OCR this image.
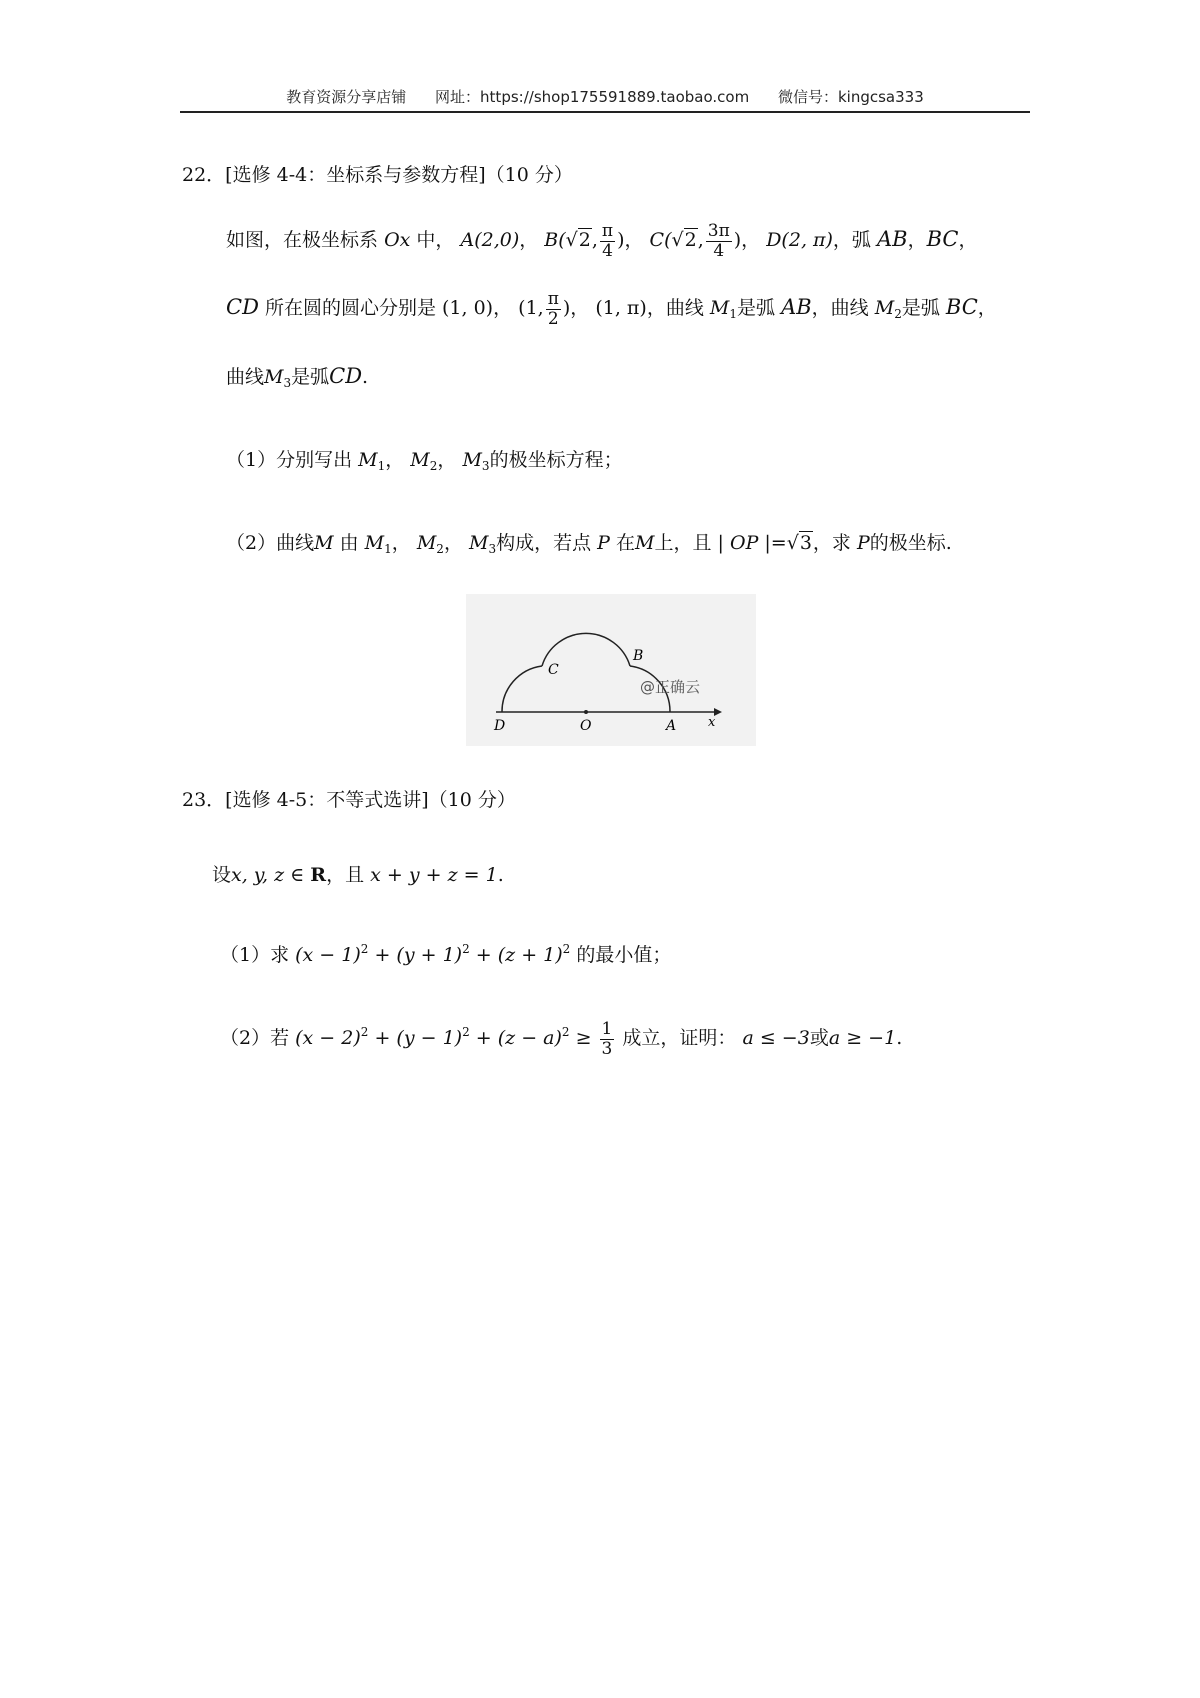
教育资源分享店铺 网址：https://shop175591889.taobao.com 微信号：kingcsa333
22．[选修 4-4：坐标系与参数方程]（10 分）
如图，在极坐标系 Ox 中， A(2,0)， B(√2, $\frac{\pi}{4}$ )， C(√2, $\frac{3\pi}{4}$ )， D(2, π)，弧 AB，BC，
CD 所在圆的圆心分别是 (1, 0)， (1, $\frac{\pi}{2}$ )， (1, π)，曲线 $M_1$是弧 AB，曲线 $M_2$是弧 BC，
曲线$M_3$是弧CD.
（1）分别写出 $M_1$， $M_2$， $M_3$的极坐标方程；
（2）曲线M 由 $M_1$， $M_2$， $M_3$构成，若点 P 在M上，且 | OP |=√3，求 P的极坐标.
C
B
D	O	A x
@正确云
23．[选修 4-5：不等式选讲]（10 分）
设x, y, z ∈ R，且 x + y + z = 1.
（1）求 $(x - 1)^2 + (y + 1)^2 + (z + 1)^2$ 的最小值；
（2）若 $(x - 2)^2 + (y - 1)^2 + (z - a)^2 \ge \frac{1}{3}$ 成立，证明： a ≤ −3或a ≥ −1.
